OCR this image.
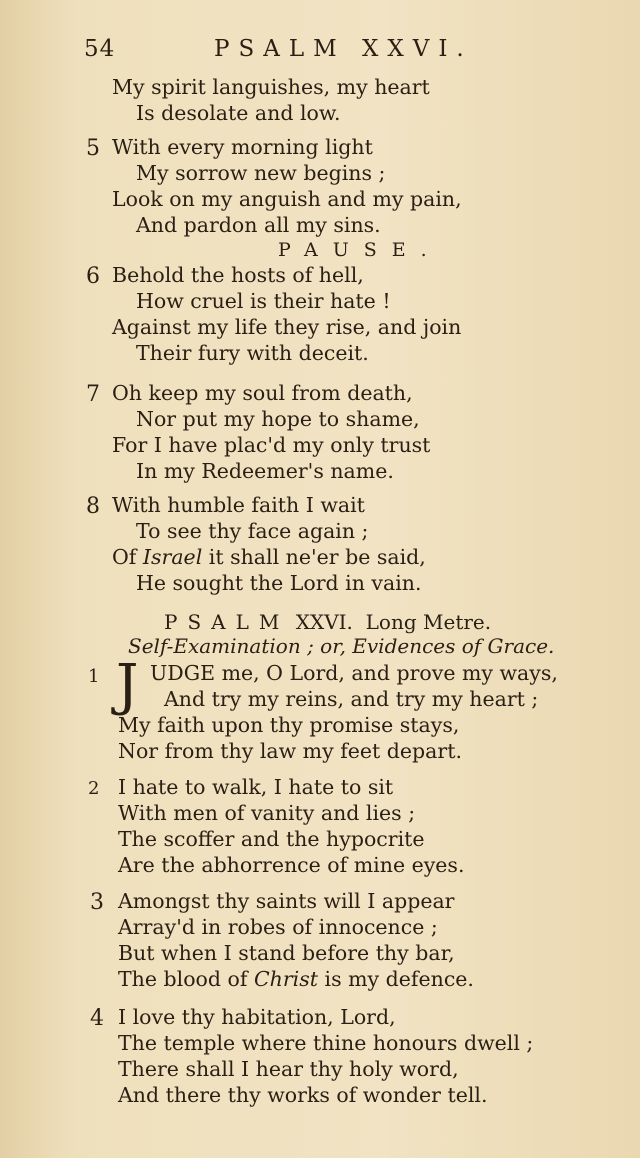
54	PSALM XXVI.
My spirit languishes, my heart
Is desolate and low.
5 With every morning light
My sorrow new begins ;
Look on my anguish and my pain,
And pardon all my sins.
PAUSE.
6 Behold the hosts of hell,
How cruel is their hate !
Against my life they rise, and join
Their fury with deceit.
7 Oh keep my soul from death,
Nor put my hope to shame,
For I have plac'd my only trust
In my Redeemer's name.
8 With humble faith I wait
To see thy face again ;
Of Israel it shall ne'er be said,
He sought the Lord in vain.
PSALM XXVI. Long Metre.
Self-Examination ; or, Evidences of Grace.
1 J UDGE me, O Lord, and prove my ways,
And try my reins, and try my heart ;
My faith upon thy promise stays,
Nor from thy law my feet depart.
2 I hate to walk, I hate to sit
With men of vanity and lies ;
The scoffer and the hypocrite
Are the abhorrence of mine eyes.
3 Amongst thy saints will I appear
Array'd in robes of innocence ;
But when I stand before thy bar,
The blood of Christ is my defence.
4 I love thy habitation, Lord,
The temple where thine honours dwell ;
There shall I hear thy holy word,
And there thy works of wonder tell.
